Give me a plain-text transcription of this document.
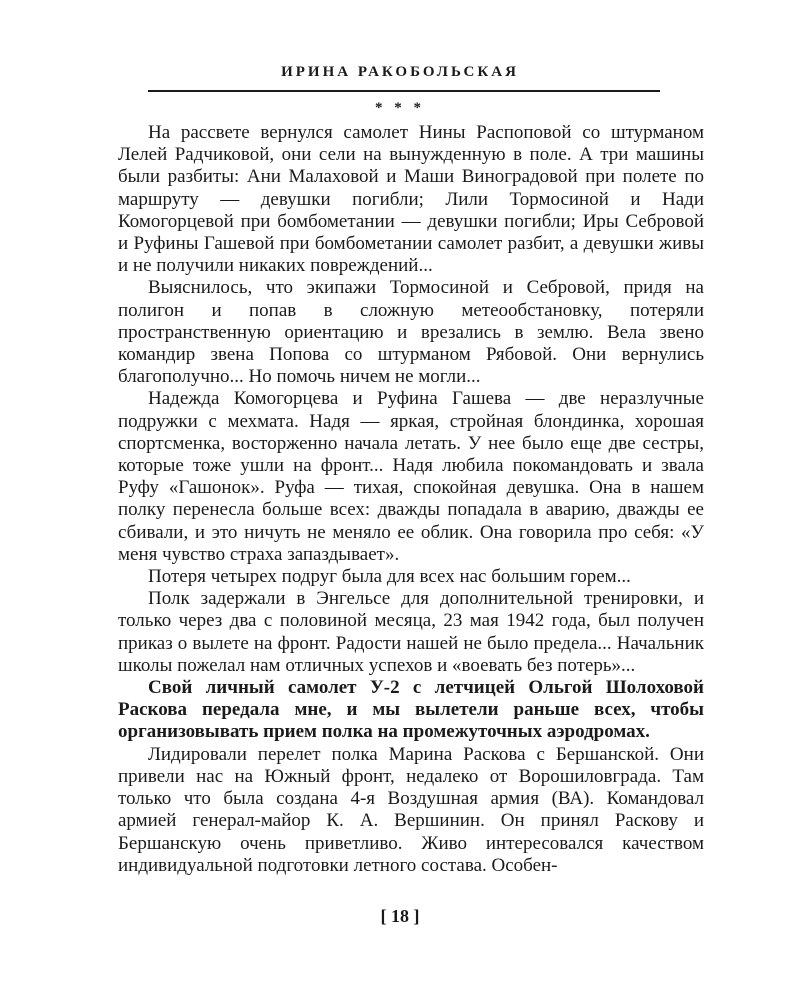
ИРИНА РАКОБОЛЬСКАЯ
* * *

На рассвете вернулся самолет Нины Распоповой со штурманом Лелей Радчиковой, они сели на вынужденную в поле. А три машины были разбиты: Ани Малаховой и Маши Виноградовой при полете по маршруту — девушки погибли; Лили Тормосиной и Нади Комогорцевой при бомбометании — девушки погибли; Иры Себровой и Руфины Гашевой при бомбометании самолет разбит, а девушки живы и не получили никаких повреждений...

Выяснилось, что экипажи Тормосиной и Себровой, придя на полигон и попав в сложную метеообстановку, потеряли пространственную ориентацию и врезались в землю. Вела звено командир звена Попова со штурманом Рябовой. Они вернулись благополучно... Но помочь ничем не могли...

Надежда Комогорцева и Руфина Гашева — две неразлучные подружки с мехмата. Надя — яркая, стройная блондинка, хорошая спортсменка, восторженно начала летать. У нее было еще две сестры, которые тоже ушли на фронт... Надя любила покомандовать и звала Руфу «Гашонок». Руфа — тихая, спокойная девушка. Она в нашем полку перенесла больше всех: дважды попадала в аварию, дважды ее сбивали, и это ничуть не меняло ее облик. Она говорила про себя: «У меня чувство страха запаздывает».

Потеря четырех подруг была для всех нас большим горем...

Полк задержали в Энгельсе для дополнительной тренировки, и только через два с половиной месяца, 23 мая 1942 года, был получен приказ о вылете на фронт. Радости нашей не было предела... Начальник школы пожелал нам отличных успехов и «воевать без потерь»...

Свой личный самолет У-2 с летчицей Ольгой Шолоховой Раскова передала мне, и мы вылетели раньше всех, чтобы организовывать прием полка на промежуточных аэродромах.

Лидировали перелет полка Марина Раскова с Бершанской. Они привели нас на Южный фронт, недалеко от Ворошиловграда. Там только что была создана 4-я Воздушная армия (ВА). Командовал армией генерал-майор К. А. Вершинин. Он принял Раскову и Бершанскую очень приветливо. Живо интересовался качеством индивидуальной подготовки летного состава. Особен-

[ 18 ]
